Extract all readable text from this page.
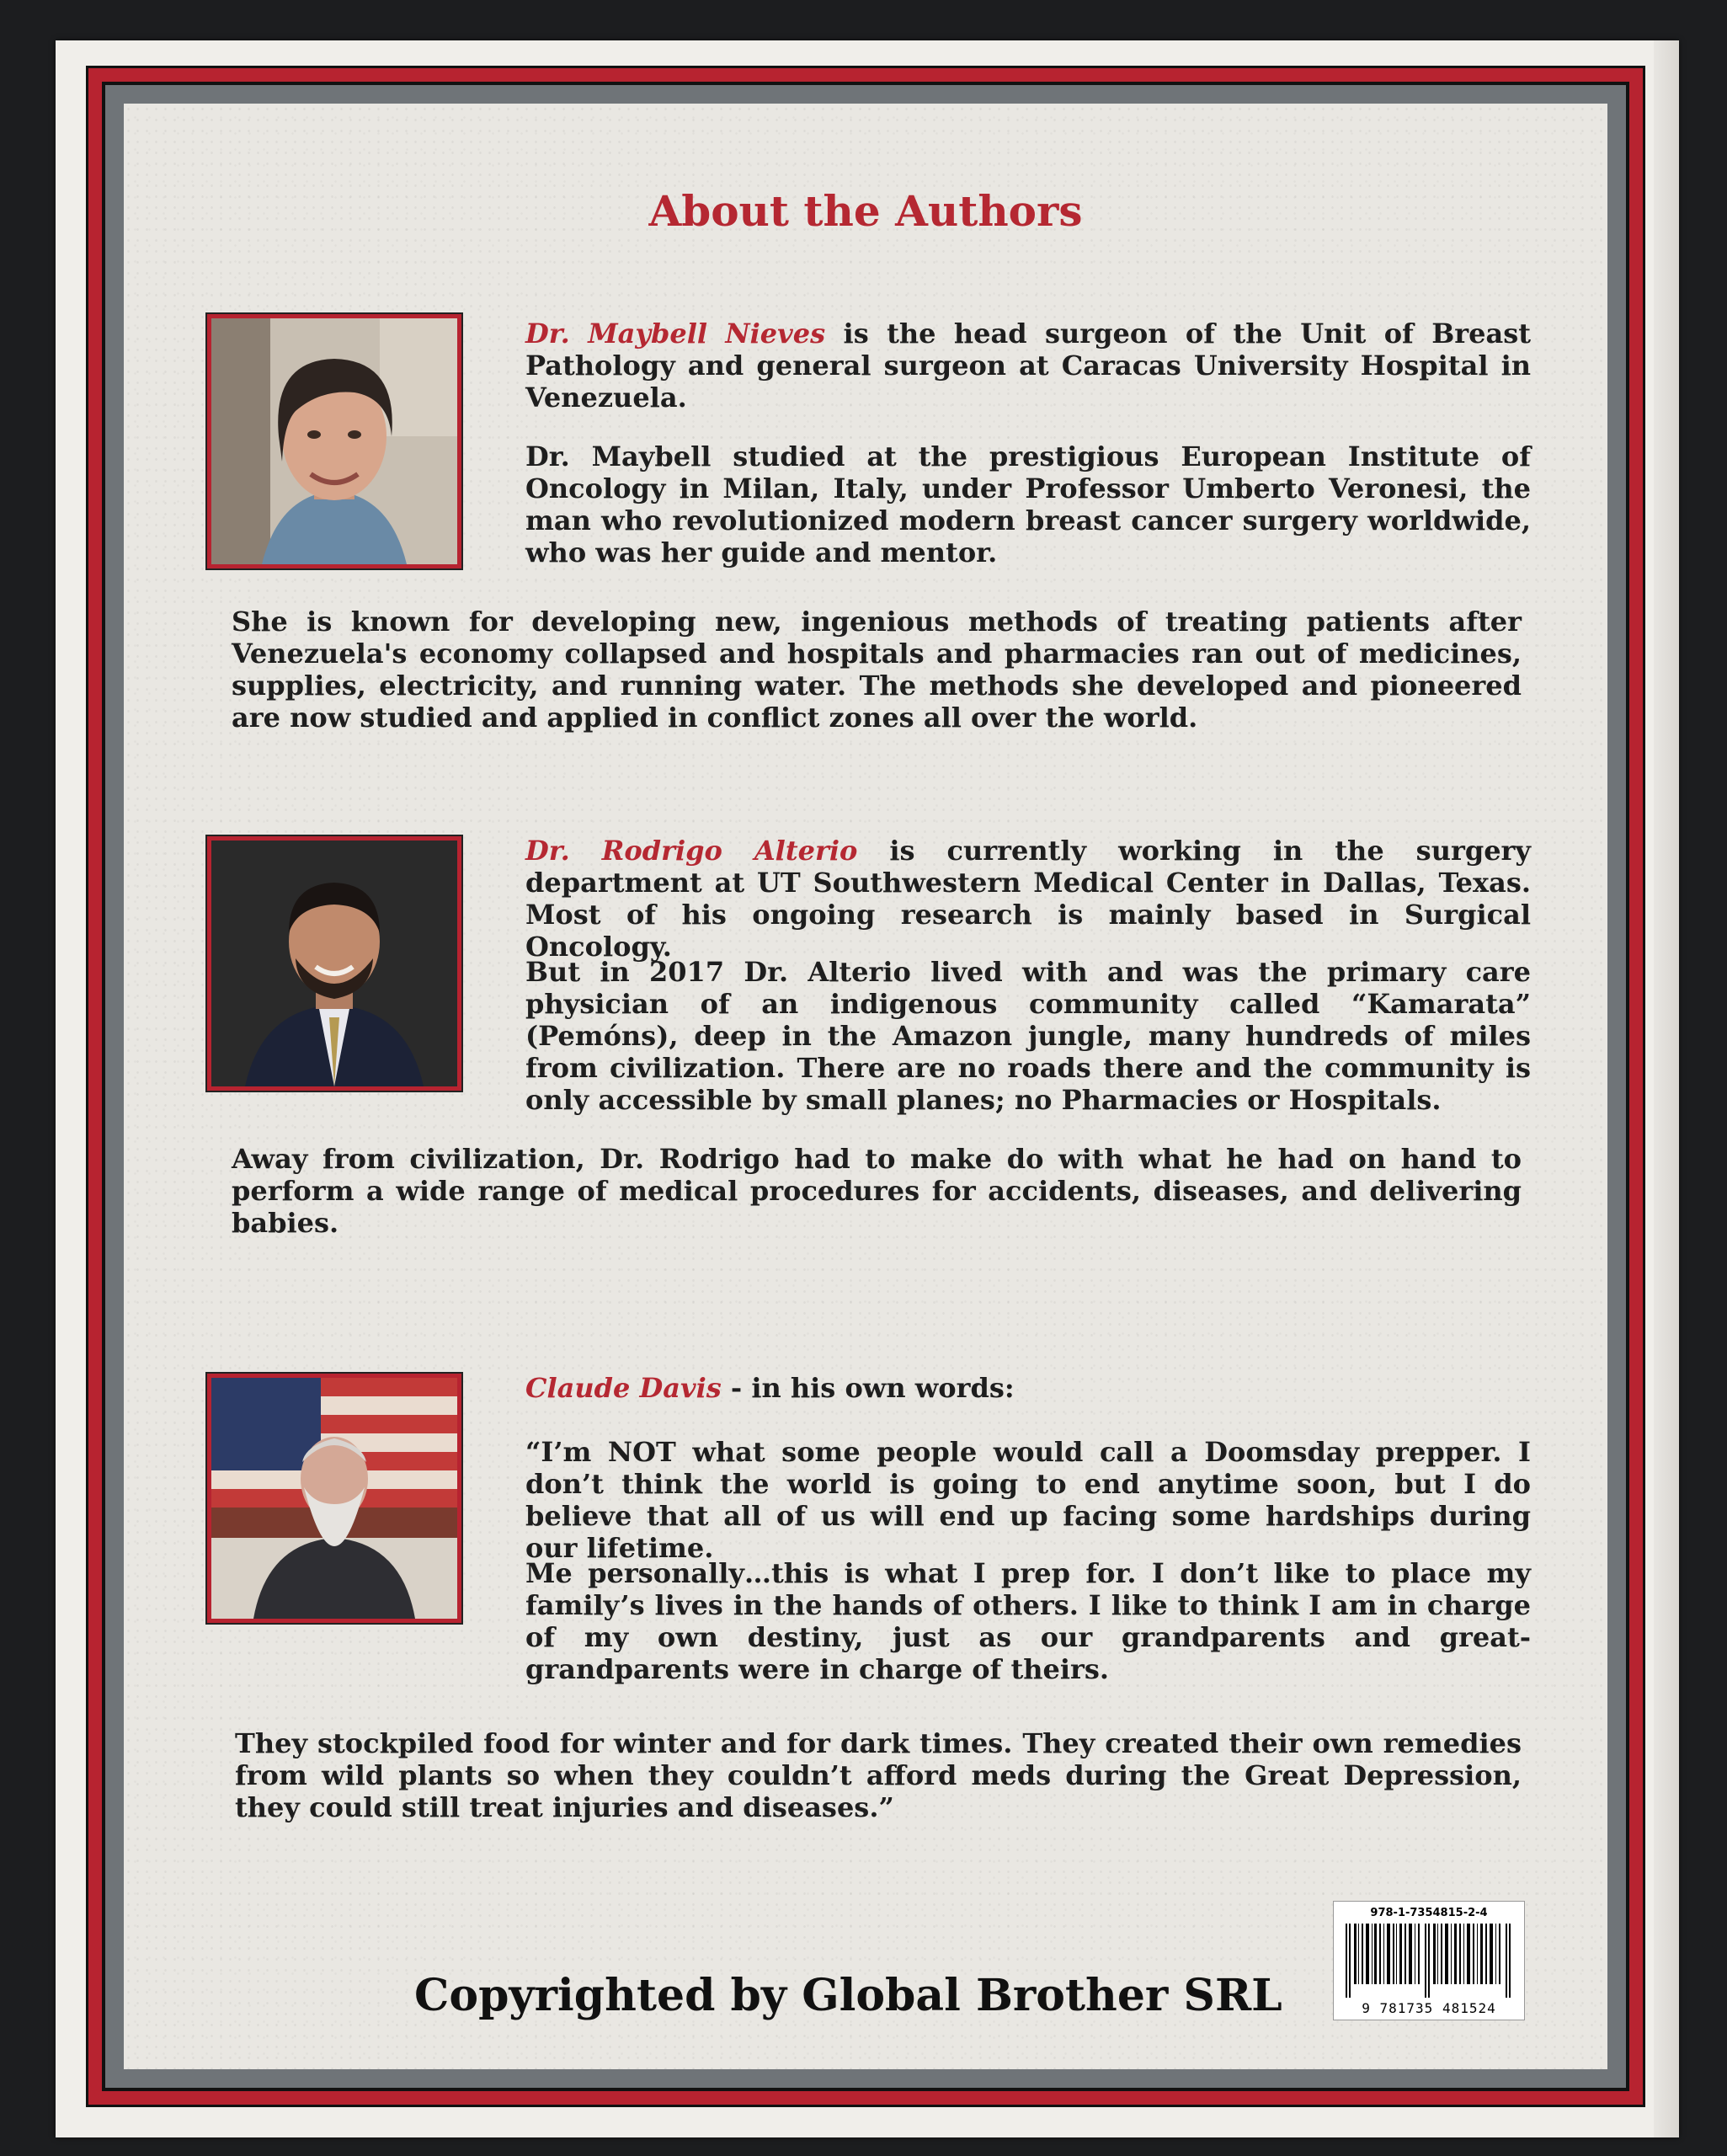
About the Authors

Dr. Maybell Nieves is the head surgeon of the Unit of Breast Pathology and general surgeon at Caracas University Hospital in Venezuela.

Dr. Maybell studied at the prestigious European Institute of Oncology in Milan, Italy, under Professor Umberto Veronesi, the man who revolutionized modern breast cancer surgery worldwide, who was her guide and mentor.

She is known for developing new, ingenious methods of treating patients after Venezuela's economy collapsed and hospitals and pharmacies ran out of medicines, supplies, electricity, and running water. The methods she developed and pioneered are now studied and applied in conflict zones all over the world.

Dr. Rodrigo Alterio is currently working in the surgery department at UT Southwestern Medical Center in Dallas, Texas. Most of his ongoing research is mainly based in Surgical Oncology.

But in 2017 Dr. Alterio lived with and was the primary care physician of an indigenous community called “Kamarata” (Pemóns), deep in the Amazon jungle, many hundreds of miles from civilization. There are no roads there and the community is only accessible by small planes; no Pharmacies or Hospitals.

Away from civilization, Dr. Rodrigo had to make do with what he had on hand to perform a wide range of medical procedures for accidents, diseases, and delivering babies.

Claude Davis - in his own words:

“I’m NOT what some people would call a Doomsday prepper. I don’t think the world is going to end anytime soon, but I do believe that all of us will end up facing some hardships during our lifetime.

Me personally…this is what I prep for. I don’t like to place my family’s lives in the hands of others. I like to think I am in charge of my own destiny, just as our grandparents and great-grandparents were in charge of theirs.

They stockpiled food for winter and for dark times. They created their own remedies from wild plants so when they couldn’t afford meds during the Great Depression, they could still treat injuries and diseases.”

Copyrighted by Global Brother SRL
978-1-7354815-2-4
9 781735 481524
